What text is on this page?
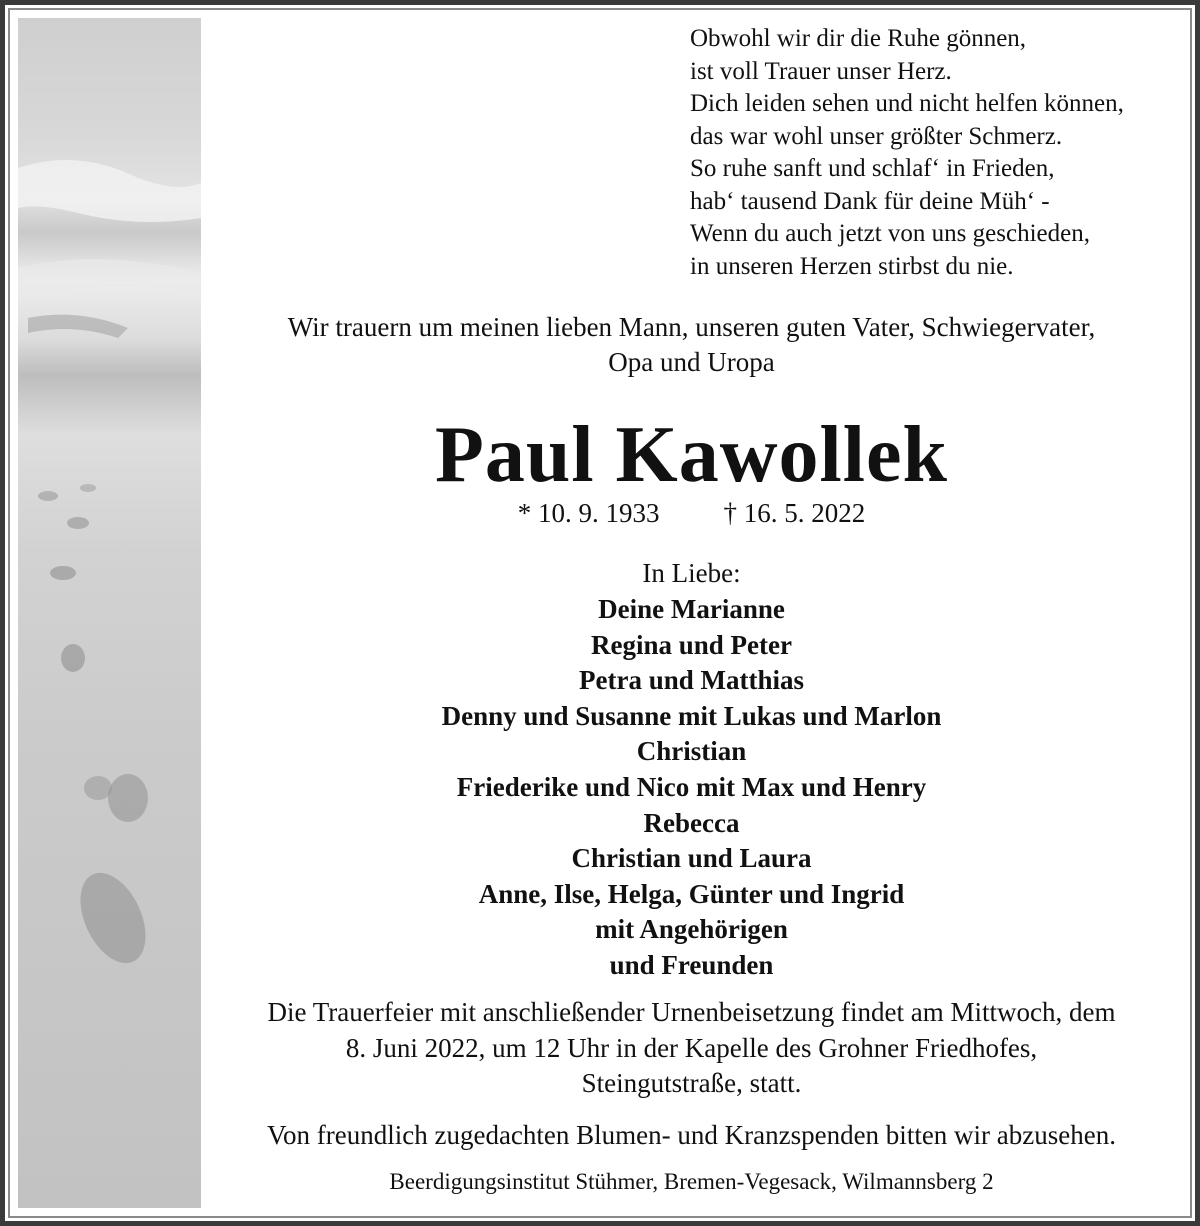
Obwohl wir dir die Ruhe gönnen,
ist voll Trauer unser Herz.
Dich leiden sehen und nicht helfen können,
das war wohl unser größter Schmerz.
So ruhe sanft und schlaf‘ in Frieden,
hab‘ tausend Dank für deine Müh‘ -
Wenn du auch jetzt von uns geschieden,
in unseren Herzen stirbst du nie.
Wir trauern um meinen lieben Mann, unseren guten Vater, Schwiegervater,
Opa und Uropa
Paul Kawollek
* 10. 9. 1933 † 16. 5. 2022
In Liebe:
Deine Marianne
Regina und Peter
Petra und Matthias
Denny und Susanne mit Lukas und Marlon
Christian
Friederike und Nico mit Max und Henry
Rebecca
Christian und Laura
Anne, Ilse, Helga, Günter und Ingrid
mit Angehörigen
und Freunden
Die Trauerfeier mit anschließender Urnenbeisetzung findet am Mittwoch, dem
8. Juni 2022, um 12 Uhr in der Kapelle des Grohner Friedhofes,
Steingutstraße, statt.
Von freundlich zugedachten Blumen- und Kranzspenden bitten wir abzusehen.
Beerdigungsinstitut Stühmer, Bremen-Vegesack, Wilmannsberg 2
